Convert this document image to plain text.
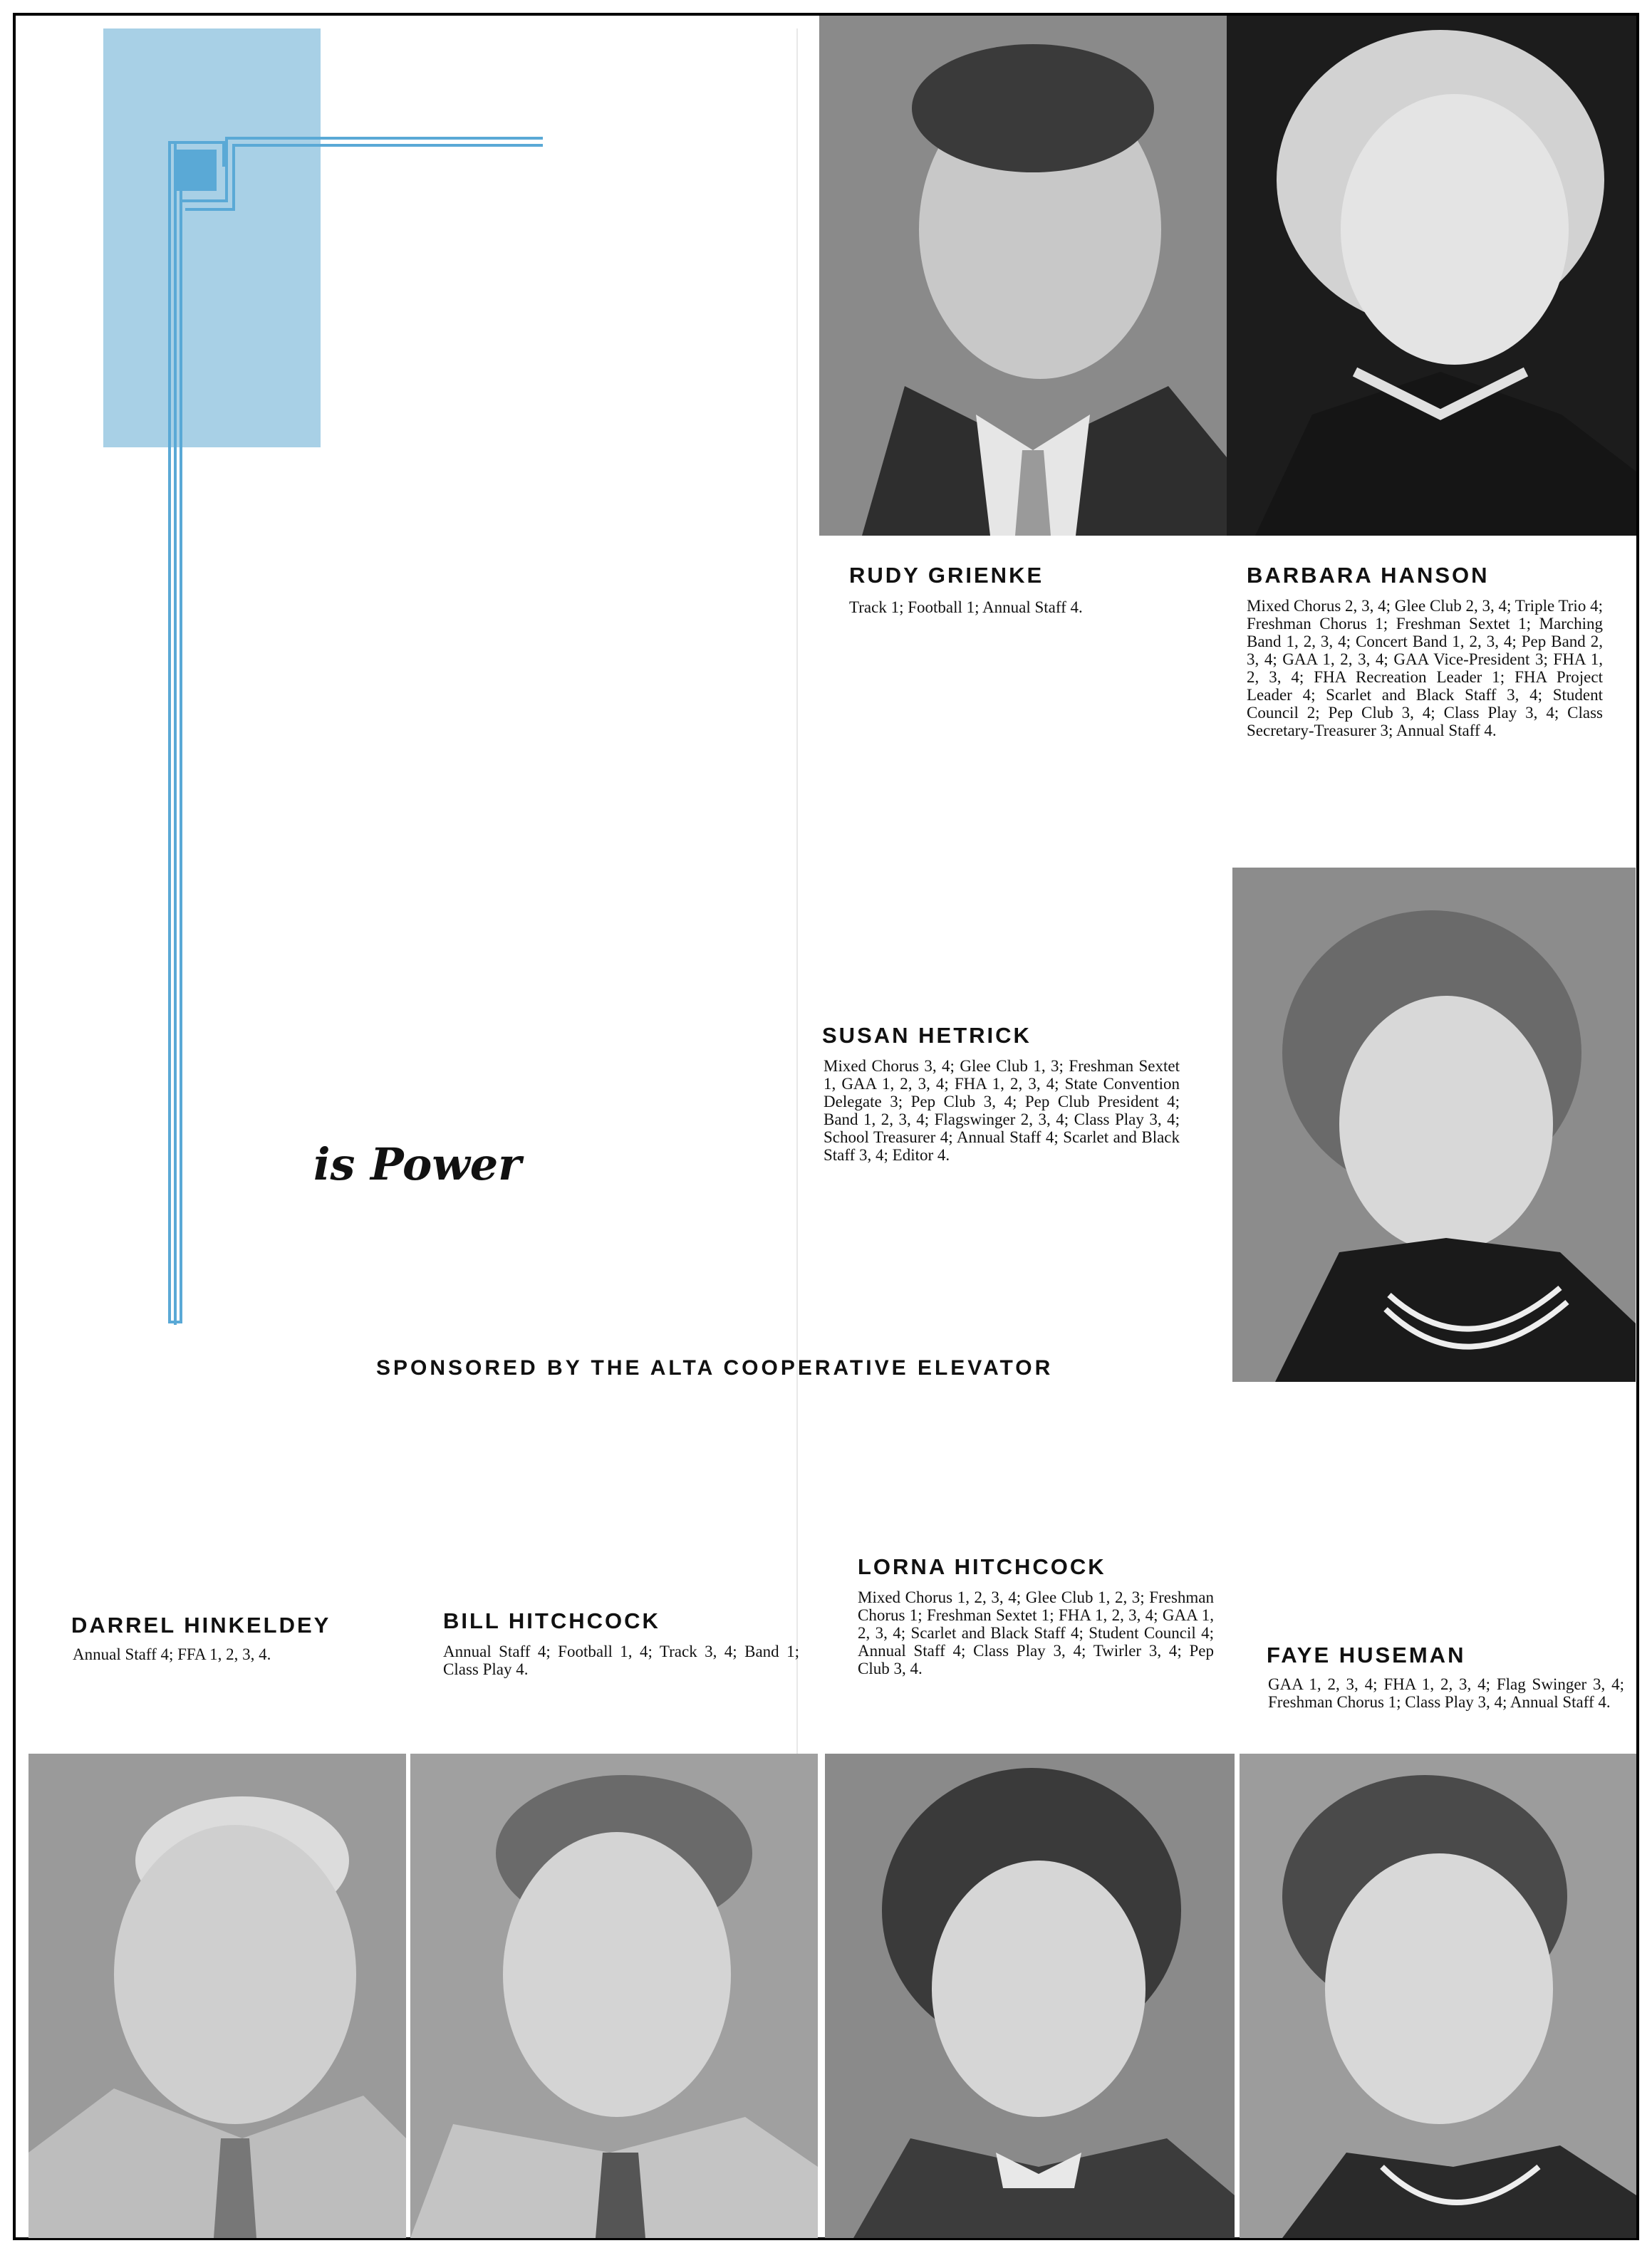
is Power
SPONSORED BY THE ALTA COOPERATIVE ELEVATOR
RUDY GRIENKE
Track 1; Football 1; Annual Staff 4.
BARBARA HANSON
Mixed Chorus 2, 3, 4; Glee Club 2, 3, 4; Triple Trio 4; Freshman Chorus 1; Freshman Sextet 1; Marching Band 1, 2, 3, 4; Concert Band 1, 2, 3, 4; Pep Band 2, 3, 4; GAA 1, 2, 3, 4; GAA Vice-President 3; FHA 1, 2, 3, 4; FHA Recreation Leader 1; FHA Project Leader 4; Scarlet and Black Staff 3, 4; Student Council 2; Pep Club 3, 4; Class Play 3, 4; Class Secretary-Treasurer 3; Annual Staff 4.
SUSAN HETRICK
Mixed Chorus 3, 4; Glee Club 1, 3; Freshman Sextet 1, GAA 1, 2, 3, 4; FHA 1, 2, 3, 4; State Convention Delegate 3; Pep Club 3, 4; Pep Club President 4; Band 1, 2, 3, 4; Flagswinger 2, 3, 4; Class Play 3, 4; School Treasurer 4; Annual Staff 4; Scarlet and Black Staff 3, 4; Editor 4.
DARREL HINKELDEY
Annual Staff 4; FFA 1, 2, 3, 4.
BILL HITCHCOCK
Annual Staff 4; Football 1, 4; Track 3, 4; Band 1; Class Play 4.
LORNA HITCHCOCK
Mixed Chorus 1, 2, 3, 4; Glee Club 1, 2, 3; Freshman Chorus 1; Freshman Sextet 1; FHA 1, 2, 3, 4; GAA 1, 2, 3, 4; Scarlet and Black Staff 4; Student Council 4; Annual Staff 4; Class Play 3, 4; Twirler 3, 4; Pep Club 3, 4.
FAYE HUSEMAN
GAA 1, 2, 3, 4; FHA 1, 2, 3, 4; Flag Swinger 3, 4; Freshman Chorus 1; Class Play 3, 4; Annual Staff 4.
